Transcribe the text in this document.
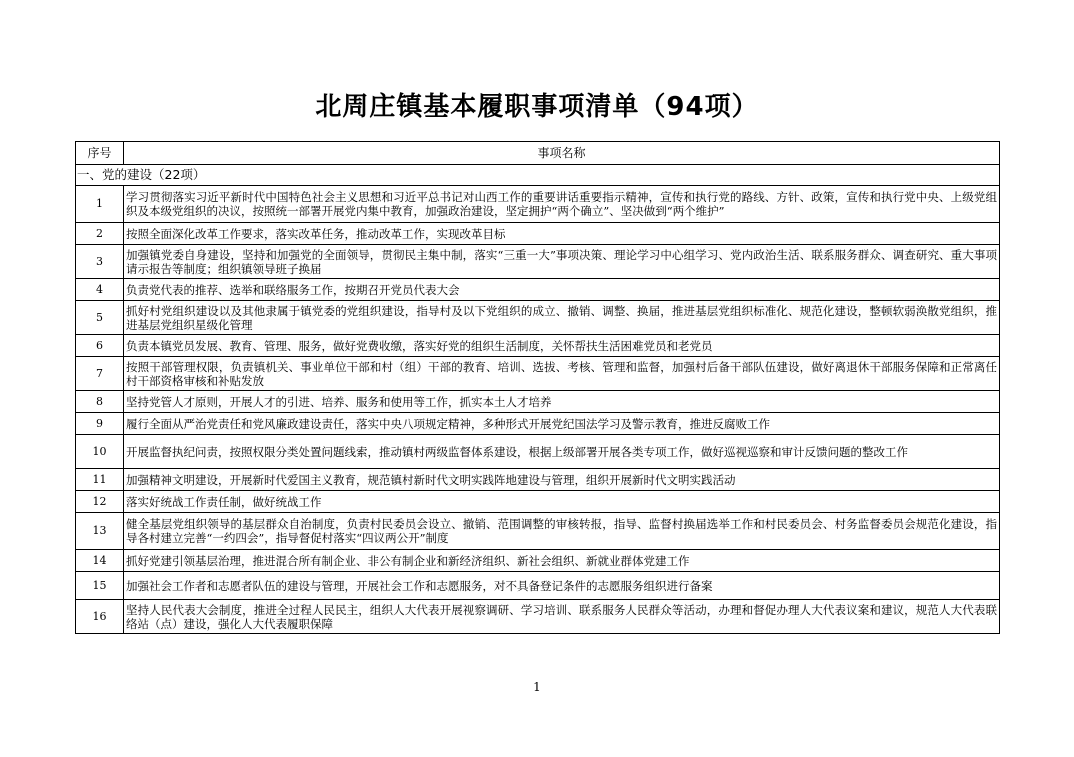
北周庄镇基本履职事项清单（94项）
序号	事项名称
一、党的建设（22项）	
1	学习贯彻落实习近平新时代中国特色社会主义思想和习近平总书记对山西工作的重要讲话重要指示精神，宣传和执行党的路线、方针、政策，宣传和执行党中央、上级党组织及本级党组织的决议，按照统一部署开展党内集中教育，加强政治建设，坚定拥护“两个确立”、坚决做到“两个维护”
2	按照全面深化改革工作要求，落实改革任务，推动改革工作，实现改革目标
3	加强镇党委自身建设，坚持和加强党的全面领导，贯彻民主集中制，落实“三重一大”事项决策、理论学习中心组学习、党内政治生活、联系服务群众、调查研究、重大事项请示报告等制度；组织镇领导班子换届
4	负责党代表的推荐、选举和联络服务工作，按期召开党员代表大会
5	抓好村党组织建设以及其他隶属于镇党委的党组织建设，指导村及以下党组织的成立、撤销、调整、换届，推进基层党组织标准化、规范化建设，整顿软弱涣散党组织，推进基层党组织星级化管理
6	负责本镇党员发展、教育、管理、服务，做好党费收缴，落实好党的组织生活制度，关怀帮扶生活困难党员和老党员
7	按照干部管理权限，负责镇机关、事业单位干部和村（组）干部的教育、培训、选拔、考核、管理和监督，加强村后备干部队伍建设，做好离退休干部服务保障和正常离任村干部资格审核和补贴发放
8	坚持党管人才原则，开展人才的引进、培养、服务和使用等工作，抓实本土人才培养
9	履行全面从严治党责任和党风廉政建设责任，落实中央八项规定精神，多种形式开展党纪国法学习及警示教育，推进反腐败工作
10	开展监督执纪问责，按照权限分类处置问题线索，推动镇村两级监督体系建设，根据上级部署开展各类专项工作，做好巡视巡察和审计反馈问题的整改工作
11	加强精神文明建设，开展新时代爱国主义教育，规范镇村新时代文明实践阵地建设与管理，组织开展新时代文明实践活动
12	落实好统战工作责任制，做好统战工作
13	健全基层党组织领导的基层群众自治制度，负责村民委员会设立、撤销、范围调整的审核转报，指导、监督村换届选举工作和村民委员会、村务监督委员会规范化建设，指导各村建立完善“一约四会”，指导督促村落实“四议两公开”制度
14	抓好党建引领基层治理，推进混合所有制企业、非公有制企业和新经济组织、新社会组织、新就业群体党建工作
15	加强社会工作者和志愿者队伍的建设与管理，开展社会工作和志愿服务，对不具备登记条件的志愿服务组织进行备案
16	坚持人民代表大会制度，推进全过程人民民主，组织人大代表开展视察调研、学习培训、联系服务人民群众等活动，办理和督促办理人大代表议案和建议，规范人大代表联络站（点）建设，强化人大代表履职保障
1
